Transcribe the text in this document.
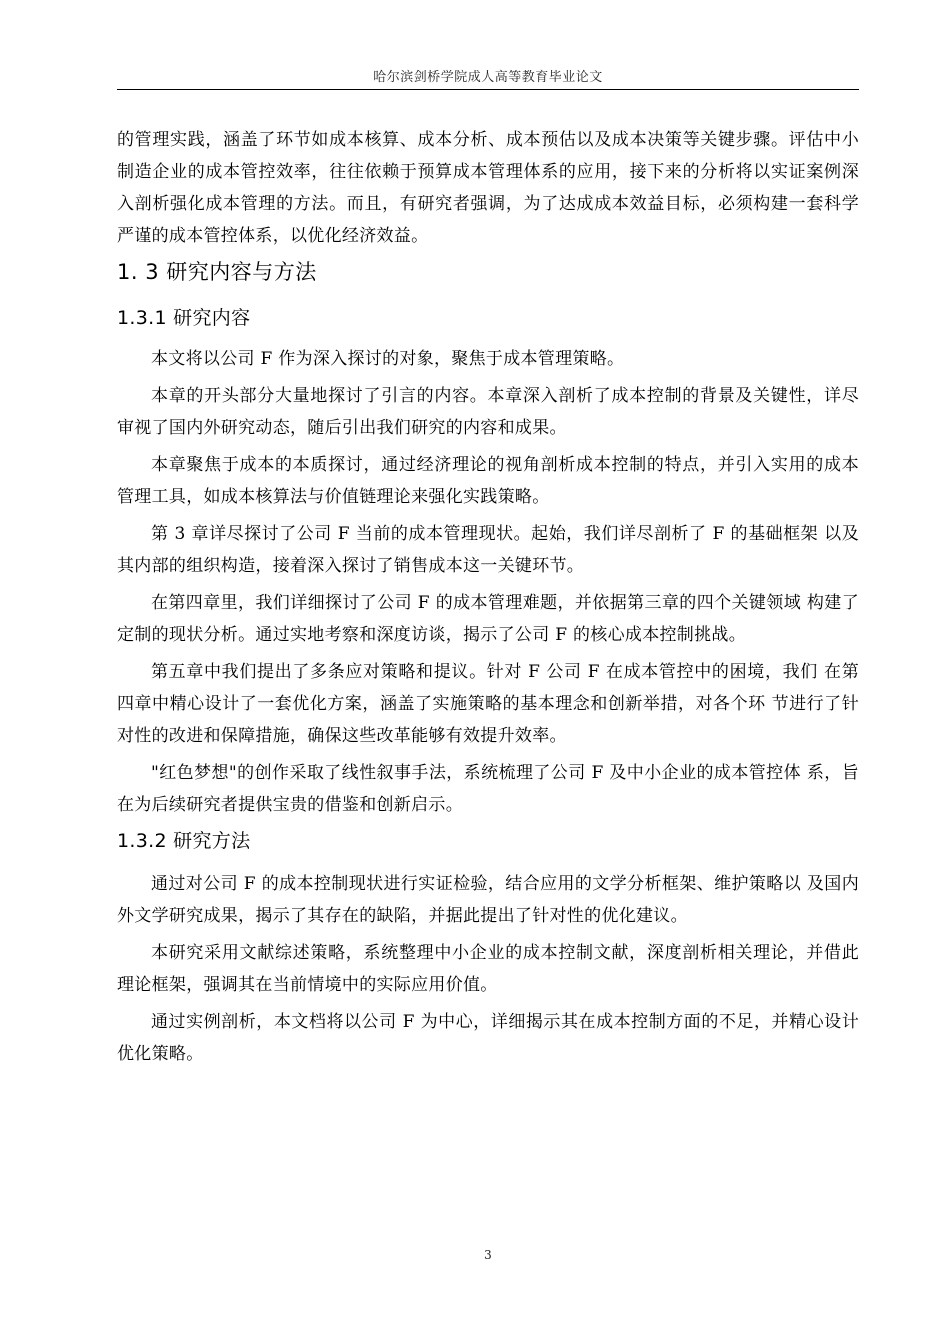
哈尔滨剑桥学院成人高等教育毕业论文

的管理实践，涵盖了环节如成本核算、成本分析、成本预估以及成本决策等关键步骤。评估中小制造企业的成本管控效率，往往依赖于预算成本管理体系的应用，接下来的分析将以实证案例深入剖析强化成本管理的方法。而且，有研究者强调，为了达成成本效益目标，必须构建一套科学严谨的成本管控体系，以优化经济效益。

1. 3 研究内容与方法
1.3.1 研究内容

本文将以公司 F 作为深入探讨的对象，聚焦于成本管理策略。

本章的开头部分大量地探讨了引言的内容。本章深入剖析了成本控制的背景及关键性，详尽审视了国内外研究动态，随后引出我们研究的内容和成果。

本章聚焦于成本的本质探讨，通过经济理论的视角剖析成本控制的特点，并引入实用的成本管理工具，如成本核算法与价值链理论来强化实践策略。

第 3 章详尽探讨了公司 F 当前的成本管理现状。起始，我们详尽剖析了 F 的基础框架 以及其内部的组织构造，接着深入探讨了销售成本这一关键环节。

在第四章里，我们详细探讨了公司 F 的成本管理难题，并依据第三章的四个关键领域 构建了定制的现状分析。通过实地考察和深度访谈，揭示了公司 F 的核心成本控制挑战。

第五章中我们提出了多条应对策略和提议。针对 F 公司 F 在成本管控中的困境，我们 在第四章中精心设计了一套优化方案，涵盖了实施策略的基本理念和创新举措，对各个环 节进行了针对性的改进和保障措施，确保这些改革能够有效提升效率。

"红色梦想"的创作采取了线性叙事手法，系统梳理了公司 F 及中小企业的成本管控体 系，旨在为后续研究者提供宝贵的借鉴和创新启示。

1.3.2 研究方法

通过对公司 F 的成本控制现状进行实证检验，结合应用的文学分析框架、维护策略以 及国内外文学研究成果，揭示了其存在的缺陷，并据此提出了针对性的优化建议。

本研究采用文献综述策略，系统整理中小企业的成本控制文献，深度剖析相关理论，并借此理论框架，强调其在当前情境中的实际应用价值。

通过实例剖析，本文档将以公司 F 为中心，详细揭示其在成本控制方面的不足，并精心设计优化策略。

3
